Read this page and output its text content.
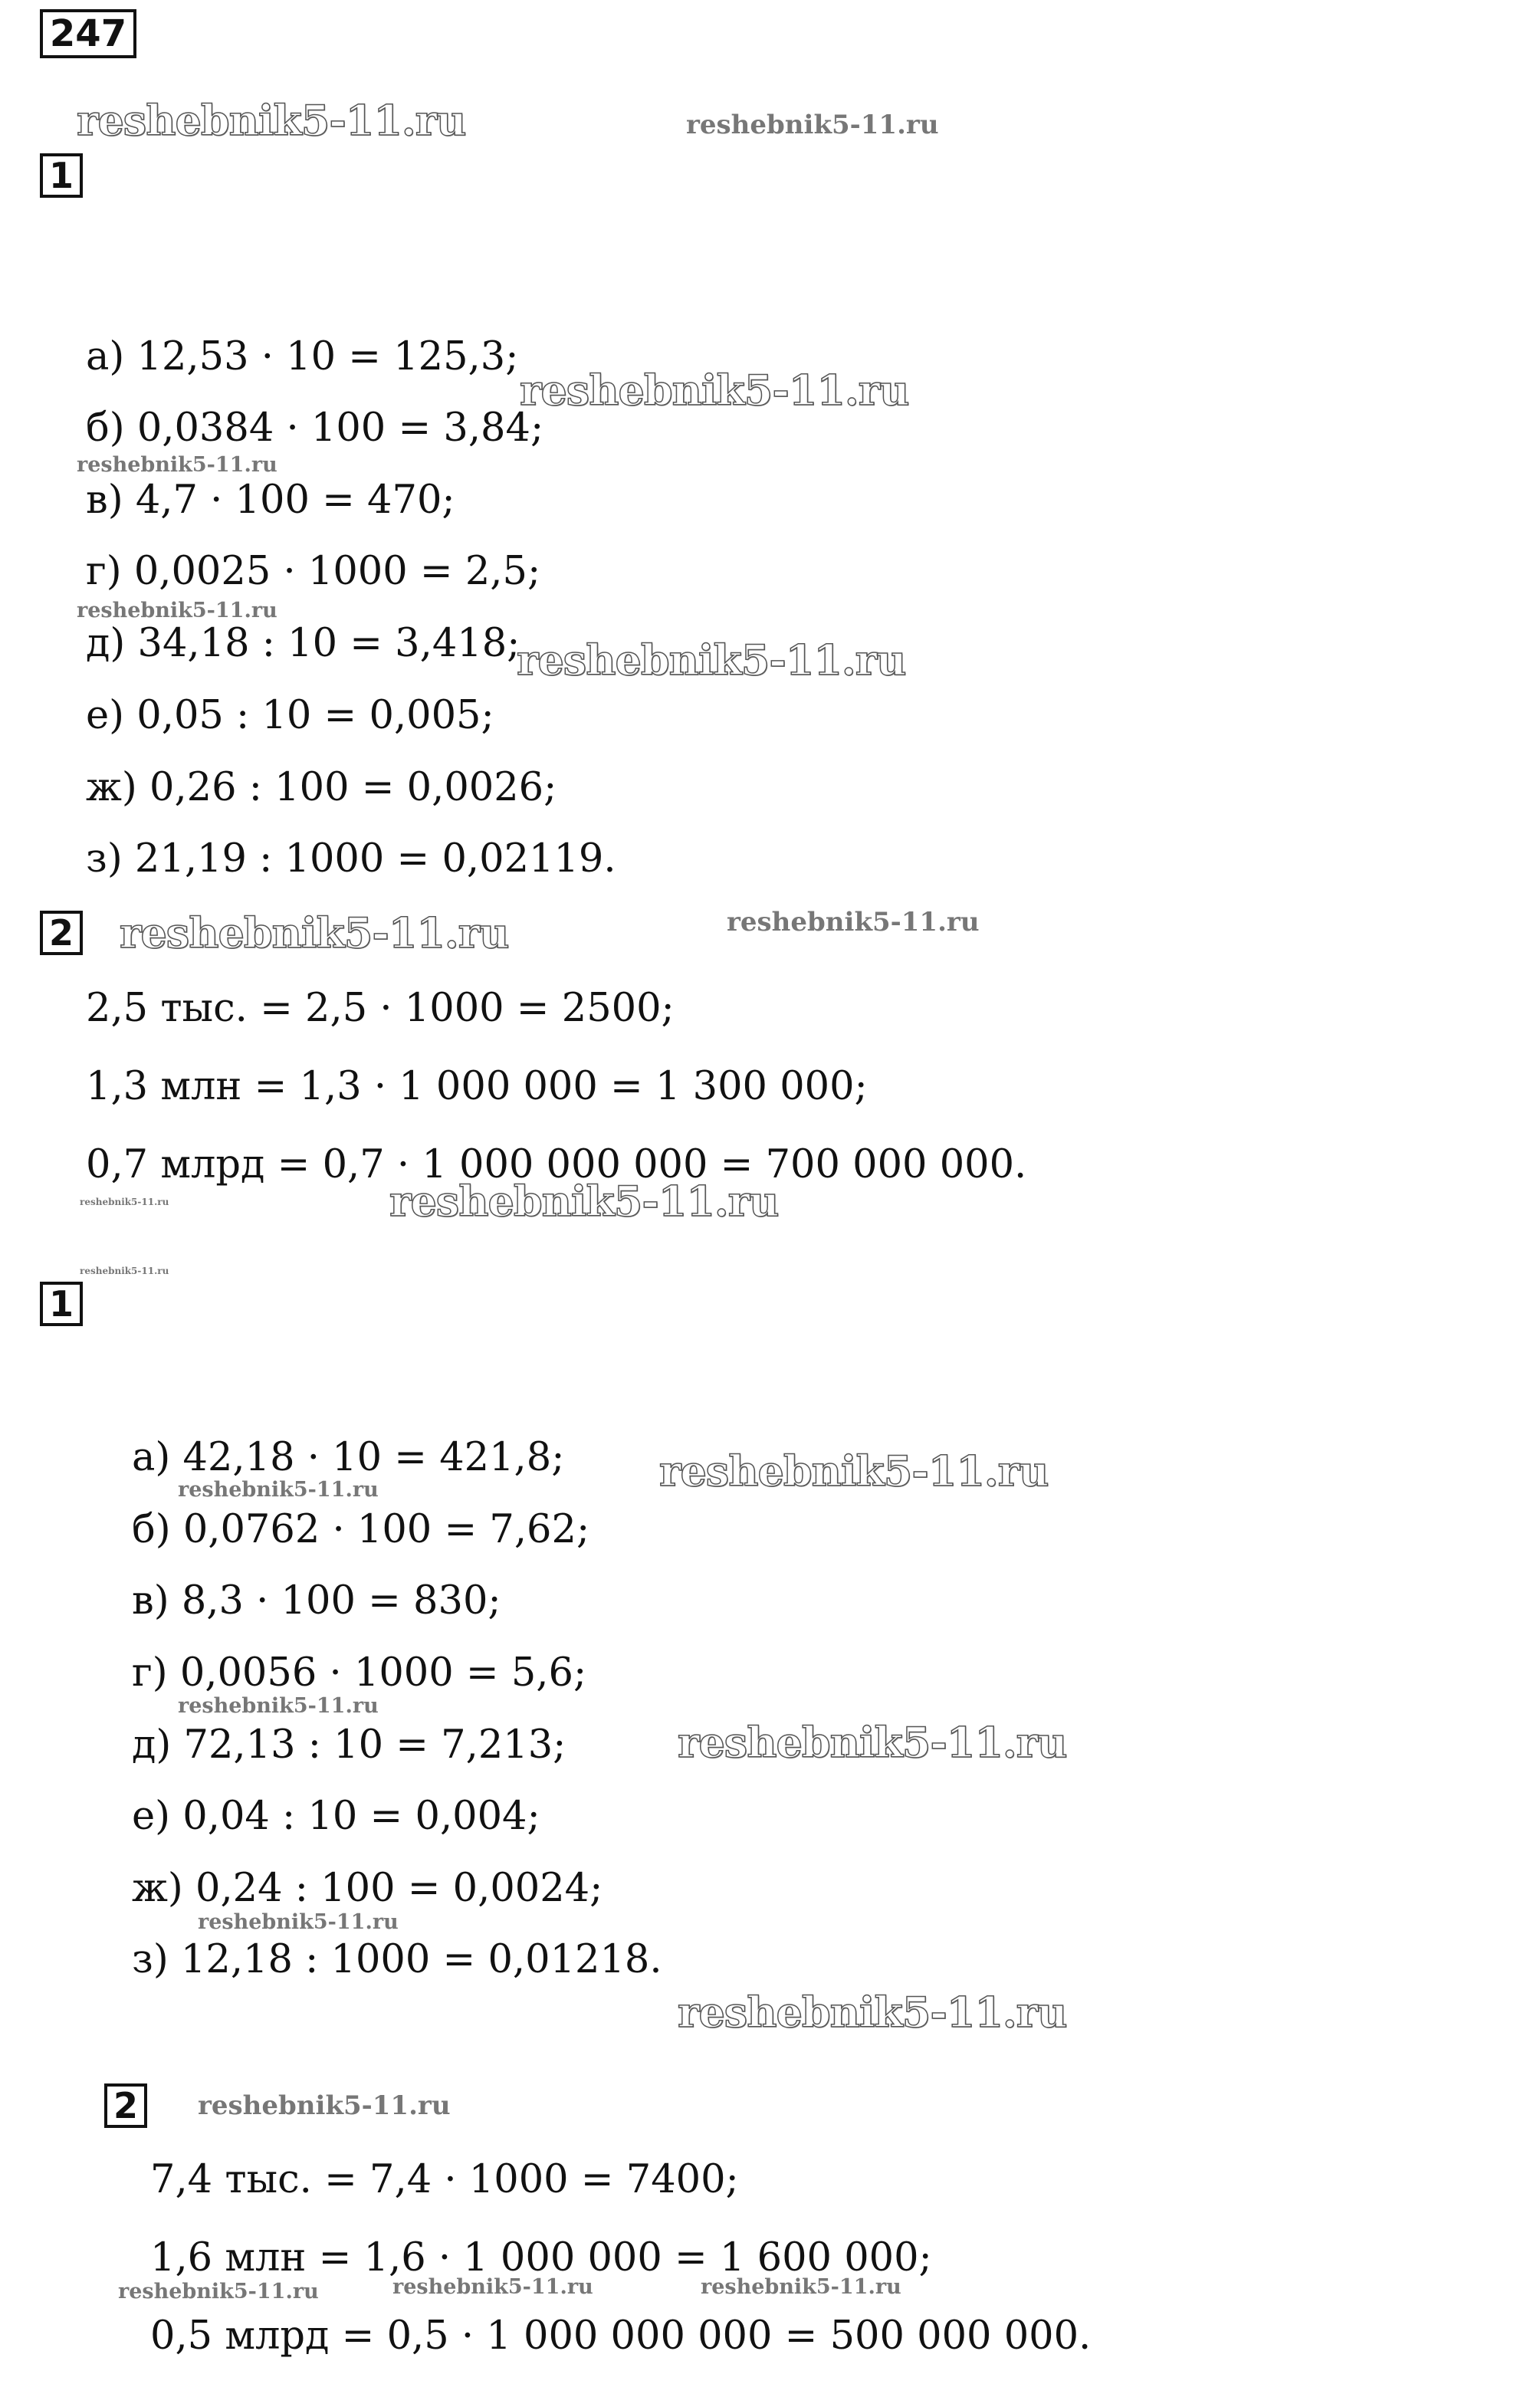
247
1
а) 12,53 · 10 = 125,3;
б) 0,0384 · 100 = 3,84;
в) 4,7 · 100 = 470;
г) 0,0025 · 1000 = 2,5;
д) 34,18 : 10 = 3,418;
е) 0,05 : 10 = 0,005;
ж) 0,26 : 100 = 0,0026;
з) 21,19 : 1000 = 0,02119.
2
2,5 тыс. = 2,5 · 1000 = 2500;
1,3 млн = 1,3 · 1 000 000 = 1 300 000;
0,7 млрд = 0,7 · 1 000 000 000 = 700 000 000.
1
а) 42,18 · 10 = 421,8;
б) 0,0762 · 100 = 7,62;
в) 8,3 · 100 = 830;
г) 0,0056 · 1000 = 5,6;
д) 72,13 : 10 = 7,213;
е) 0,04 : 10 = 0,004;
ж) 0,24 : 100 = 0,0024;
з) 12,18 : 1000 = 0,01218.
2
7,4 тыс. = 7,4 · 1000 = 7400;
1,6 млн = 1,6 · 1 000 000 = 1 600 000;
0,5 млрд = 0,5 · 1 000 000 000 = 500 000 000.
reshebnik5-11.ru	reshebnik5-11.ru
reshebnik5-11.ru
reshebnik5-11.ru
reshebnik5-11.ru
reshebnik5-11.ru
reshebnik5-11.ru	reshebnik5-11.ru
reshebnik5-11.ru	reshebnik5-11.ru
reshebnik5-11.ru
reshebnik5-11.ru	reshebnik5-11.ru
reshebnik5-11.ru
reshebnik5-11.ru
reshebnik5-11.ru
reshebnik5-11.ru
reshebnik5-11.ru
reshebnik5-11.ru	reshebnik5-11.ru	reshebnik5-11.ru
